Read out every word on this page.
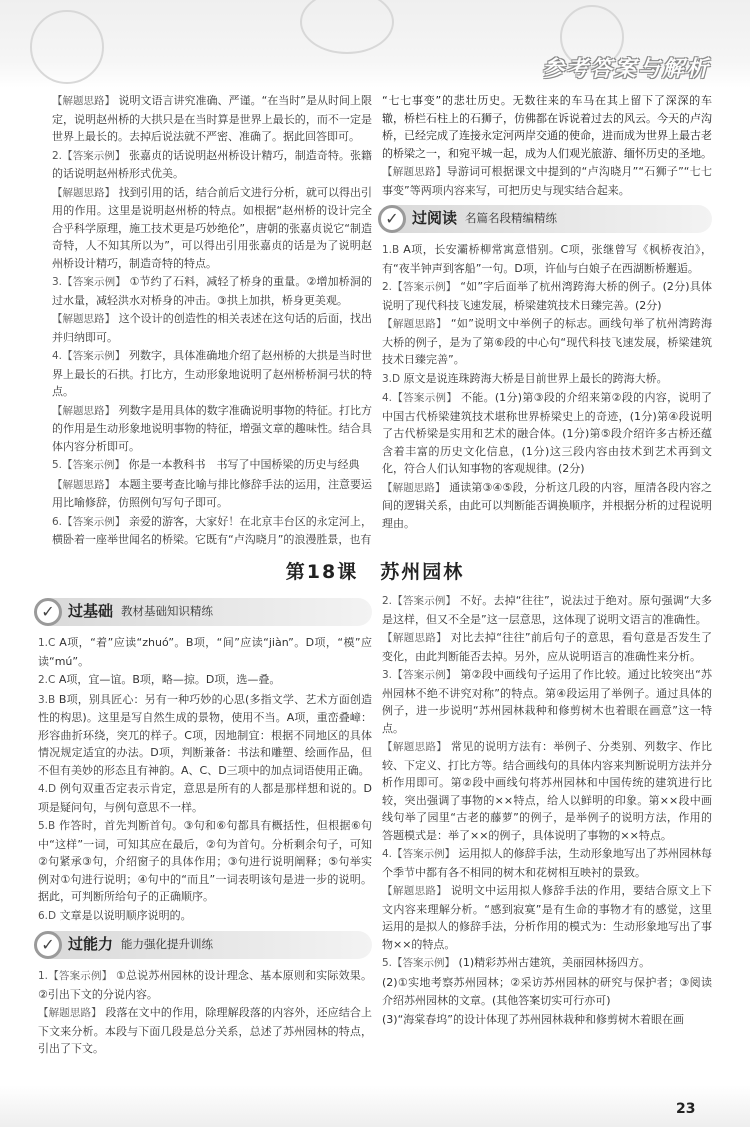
参考答案与解析

【解题思路】 说明文语言讲究准确、严谨。“在当时”是从时间上限定，说明赵州桥的大拱只是在当时算是世界上最长的，而不一定是世界上最长的。去掉后说法就不严密、准确了。据此回答即可。

2.【答案示例】 张嘉贞的话说明赵州桥设计精巧，制造奇特。张籍的话说明赵州桥形式优美。

【解题思路】 找到引用的话，结合前后文进行分析，就可以得出引用的作用。这里是说明赵州桥的特点。如根据“赵州桥的设计完全合乎科学原理，施工技术更是巧妙绝伦”，唐朝的张嘉贞说它“制造奇特，人不知其所以为”，可以得出引用张嘉贞的话是为了说明赵州桥设计精巧，制造奇特的特点。

3.【答案示例】 ①节约了石料，减轻了桥身的重量。②增加桥洞的过水量，减轻洪水对桥身的冲击。③拱上加拱，桥身更美观。

【解题思路】 这个设计的创造性的相关表述在这句话的后面，找出并归纳即可。

4.【答案示例】 列数字，具体准确地介绍了赵州桥的大拱是当时世界上最长的石拱。打比方，生动形象地说明了赵州桥桥洞弓状的特点。

【解题思路】 列数字是用具体的数字准确说明事物的特征。打比方的作用是生动形象地说明事物的特征，增强文章的趣味性。结合具体内容分析即可。

5.【答案示例】 你是一本教科书　书写了中国桥梁的历史与经典

【解题思路】 本题主要考查比喻与排比修辞手法的运用，注意要运用比喻修辞，仿照例句写句子即可。

6.【答案示例】 亲爱的游客，大家好！在北京丰台区的永定河上，横卧着一座举世闻名的桥梁。它既有“卢沟晓月”的浪漫胜景，也有

“七七事变”的悲壮历史。无数往来的车马在其上留下了深深的车辙，桥栏石柱上的石狮子，仿佛都在诉说着过去的风云。今天的卢沟桥，已经完成了连接永定河两岸交通的使命，进而成为世界上最古老的桥梁之一，和宛平城一起，成为人们观光旅游、缅怀历史的圣地。

【解题思路】导游词可根据课文中提到的“卢沟晓月”“石狮子”“七七事变”等两项内容来写，可把历史与现实结合起来。

✓ 过阅读 名篇名段精编精练

1.B A项，长安灞桥柳常寓意惜别。C项，张继曾写《枫桥夜泊》，有“夜半钟声到客船”一句。D项，许仙与白娘子在西湖断桥邂逅。

2.【答案示例】 “如”字后面举了杭州湾跨海大桥的例子。(2分)具体说明了现代科技飞速发展，桥梁建筑技术日臻完善。(2分)

【解题思路】 “如”说明文中举例子的标志。画线句举了杭州湾跨海大桥的例子，是为了第⑥段的中心句“现代科技飞速发展，桥梁建筑技术日臻完善”。

3.D 原文是说连珠跨海大桥是目前世界上最长的跨海大桥。

4.【答案示例】 不能。(1分)第③段的介绍来第②段的内容，说明了中国古代桥梁建筑技术堪称世界桥梁史上的奇迹，(1分)第④段说明了古代桥梁是实用和艺术的融合体。(1分)第⑤段介绍许多古桥还蕴含着丰富的历史文化信息，(1分)这三段内容由技术到艺术再到文化，符合人们认知事物的客观规律。(2分)

【解题思路】 通读第③④⑤段，分析这几段的内容，厘清各段内容之间的逻辑关系，由此可以判断能否调换顺序，并根据分析的过程说明理由。

第18课 苏州园林
✓ 过基础 教材基础知识精练

1.C A项，“着”应读“zhuó”。B项，“间”应读“jiàn”。D项，“模”应读“mú”。

2.C A项，宜—谊。B项，略—掠。D项，选—叠。

3.B B项，别具匠心：另有一种巧妙的心思(多指文学、艺术方面创造性的构思)。这里是写自然生成的景物，使用不当。A项，重峦叠嶂：形容曲折环绕，突兀的样子。C项，因地制宜：根据不同地区的具体情况规定适宜的办法。D项，判断兼备：书法和雕塑、绘画作品，但不但有美妙的形态且有神韵。A、C、D三项中的加点词语使用正确。

4.D 例句双重否定表示肯定，意思是所有的人都是那样想和说的。D项是疑问句，与例句意思不一样。

5.B 作答时，首先判断首句。③句和⑥句都具有概括性，但根据⑥句中“这样”一词，可知其应在最后，②句为首句。分析剩余句子，可知②句紧承③句，介绍窗子的具体作用；③句进行说明阐释；⑤句举实例对①句进行说明；④句中的“而且”一词表明该句是进一步的说明。据此，可判断所给句子的正确顺序。

6.D 文章是以说明顺序说明的。

✓ 过能力 能力强化提升训练

1.【答案示例】 ①总说苏州园林的设计理念、基本原则和实际效果。②引出下文的分说内容。

【解题思路】 段落在文中的作用，除理解段落的内容外，还应结合上下文来分析。本段与下面几段是总分关系，总述了苏州园林的特点，引出了下文。

2.【答案示例】 不好。去掉“往往”，说法过于绝对。原句强调“大多是这样，但又不全是”这一层意思，这体现了说明文语言的准确性。

【解题思路】 对比去掉“往往”前后句子的意思，看句意是否发生了变化，由此判断能否去掉。另外，应从说明语言的准确性来分析。

3.【答案示例】 第②段中画线句子运用了作比较。通过比较突出“苏州园林不绝不讲究对称”的特点。第④段运用了举例子。通过具体的例子，进一步说明“苏州园林栽种和修剪树木也着眼在画意”这一特点。

【解题思路】 常见的说明方法有：举例子、分类别、列数字、作比较、下定义、打比方等。结合画线句的具体内容来判断说明方法并分析作用即可。第②段中画线句将苏州园林和中国传统的建筑进行比较，突出强调了事物的××特点，给人以鲜明的印象。第××段中画线句举了园里“古老的藤萝”的例子，是举例子的说明方法，作用的答题模式是：举了××的例子，具体说明了事物的××特点。

4.【答案示例】 运用拟人的修辞手法，生动形象地写出了苏州园林每个季节中都有各不相同的树木和花树相互映衬的景致。

【解题思路】 说明文中运用拟人修辞手法的作用，要结合原文上下文内容来理解分析。“感到寂寞”是有生命的事物才有的感觉，这里运用的是拟人的修辞手法，分析作用的模式为：生动形象地写出了事物××的特点。

5.【答案示例】 (1)精彩苏州古建筑，美丽园林扬四方。

(2)①实地考察苏州园林；②采访苏州园林的研究与保护者；③阅读介绍苏州园林的文章。(其他答案切实可行亦可)

(3)“海棠春坞”的设计体现了苏州园林栽种和修剪树木着眼在画

23
